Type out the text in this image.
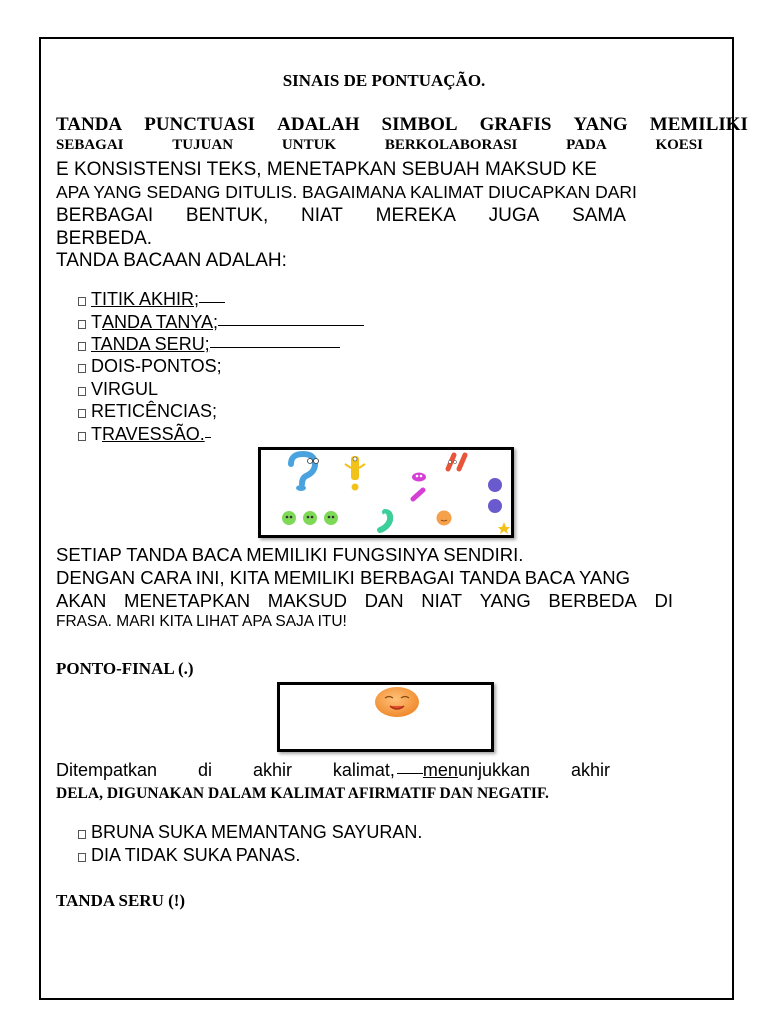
SINAIS DE PONTUAÇÃO.
TANDA PUNCTUASI ADALAH SIMBOL GRAFIS YANG MEMILIKI
SEBAGAI	TUJUAN	UNTUK	BERKOLABORASI	PADA	KOESI
E KONSISTENSI TEKS, MENETAPKAN SEBUAH MAKSUD KE
APA YANG SEDANG DITULIS. BAGAIMANA KALIMAT DIUCAPKAN DARI
BERBAGAI BENTUK, NIAT MEREKA JUGA SAMA
BERBEDA.
TANDA BACAAN ADALAH:
TITIK AKHIR;
T ANDA TANYA;
TANDA SERU;
DOIS-PONTOS;
VIRGUL
RETICÊNCIAS;
T RAVESSÃO.
SETIAP TANDA BACA MEMILIKI FUNGSINYA SENDIRI.
DENGAN CARA INI, KITA MEMILIKI BERBAGAI TANDA BACA YANG
AKAN MENETAPKAN MAKSUD DAN NIAT YANG BERBEDA DI
FRASA. MARI KITA LIHAT APA SAJA ITU!
PONTO-FINAL (.)
Ditempatkan di akhir kalimat, menunjukkan akhir
DELA, DIGUNAKAN DALAM KALIMAT AFIRMATIF DAN NEGATIF.
BRUNA SUKA MEMANTANG SAYURAN.
DIA TIDAK SUKA PANAS.
TANDA SERU (!)
